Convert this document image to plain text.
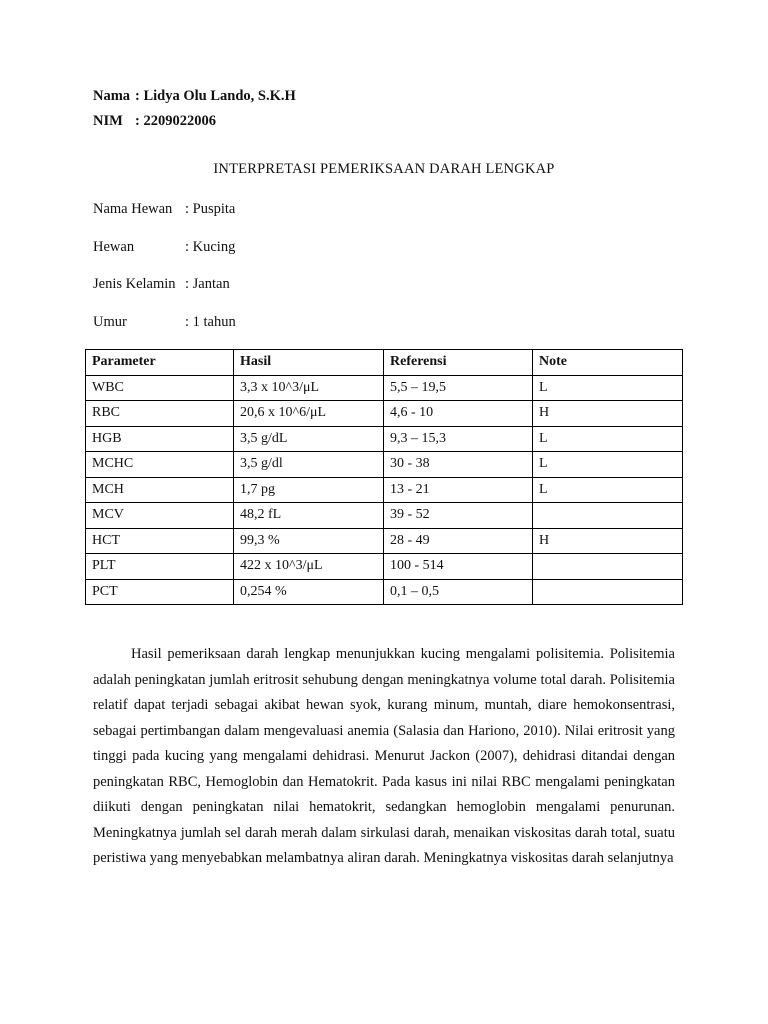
Nama : Lidya Olu Lando, S.K.H
NIM : 2209022006
INTERPRETASI PEMERIKSAAN DARAH LENGKAP
Nama Hewan : Puspita
Hewan	: Kucing
Jenis Kelamin : Jantan
Umur	: 1 tahun
Parameter	Hasil	Referensi	Note
WBC	3,3 x 10^3/μL	5,5 – 19,5	L
RBC	20,6 x 10^6/μL	4,6 - 10	H
HGB	3,5 g/dL	9,3 – 15,3	L
MCHC	3,5 g/dl	30 - 38	L
MCH	1,7 pg	13 - 21	L
MCV	48,2 fL	39 - 52	
HCT	99,3 %	28 - 49	H
PLT	422 x 10^3/μL	100 - 514	
PCT	0,254 %	0,1 – 0,5	

Hasil pemeriksaan darah lengkap menunjukkan kucing mengalami polisitemia. Polisitemia adalah peningkatan jumlah eritrosit sehubung dengan meningkatnya volume total darah. Polisitemia relatif dapat terjadi sebagai akibat hewan syok, kurang minum, muntah, diare hemokonsentrasi, sebagai pertimbangan dalam mengevaluasi anemia (Salasia dan Hariono, 2010). Nilai eritrosit yang tinggi pada kucing yang mengalami dehidrasi. Menurut Jackon (2007), dehidrasi ditandai dengan peningkatan RBC, Hemoglobin dan Hematokrit. Pada kasus ini nilai RBC mengalami peningkatan diikuti dengan peningkatan nilai hematokrit, sedangkan hemoglobin mengalami penurunan. Meningkatnya jumlah sel darah merah dalam sirkulasi darah, menaikan viskositas darah total, suatu peristiwa yang menyebabkan melambatnya aliran darah. Meningkatnya viskositas darah selanjutnya
